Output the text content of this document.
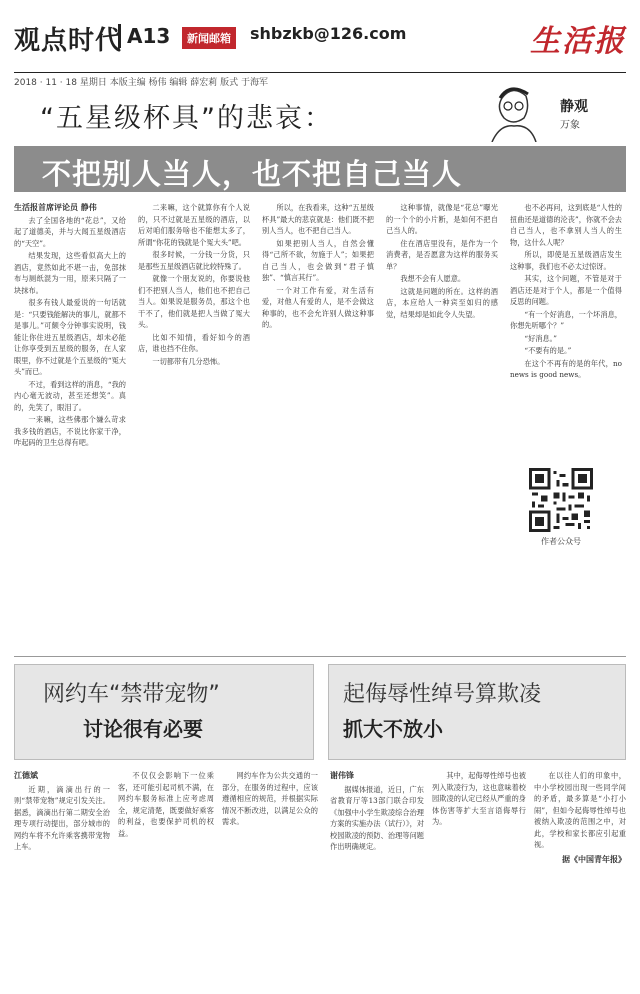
观点时代 A13	新闻邮箱	shbzkb@126.com	生活报
2018 · 11 · 18 星期日 本版主编 杨伟 编辑 薛宏莉 版式 于海军
静观
万象
“五星级杯具”的悲哀：
不把别人当人，也不把自己当人

生活报首席评论员 静伟

去了全国各地的“花总”，又给起了道德美，并与大闻五星级酒店的“天空”。

结果发现，这些看似高大上的酒店，竟然如此不堪一击，免部抹布与厕纸混为一用，原来只隔了一块抹布。

很多有钱人最爱说的一句话就是：“只要钱能解决的事儿，就都不是事儿。”可颇令分钟事实说明，钱能让你住进五星级酒店，却未必能让你享受到五星级的服务，在人家眼里，你不过就是个五星级的“冤大头”而已。

不过，看到这样的消息，“我的内心毫无波动，甚至还想笑”。真的，先笑了，眼泪了。

一来嘛，这些佛那个嫌么苛求我多钱的酒店，不说比你家干净，咋起码的卫生总得有吧。

二来嘛，这个就算你有个人说的，只不过就是五星级的酒店，以后对咱们服务啥也不能想太多了，所谓“你花的钱就是个冤大头”吧。

很多时候，一分钱一分货，只是那些五星级酒店就比较特殊了。

就像一个朋友说的，你要说他们不把别人当人，他们也不把自己当人。如果说是服务员，那这个也干不了，他们就是把人当做了冤大头。

比如不知情，看好如今的酒店，谁也挡不住你。

一切都带有几分恐怖。

所以，在我看来，这种“五星级杯具”最大的悲哀就是：他们既不把别人当人，也不把自己当人。

如果把别人当人，自然会懂得“己所不欲，勿施于人”；如果把自己当人，也会做到“君子慎独”、“慎言其行”。

一个对工作有爱，对生活有爱，对他人有爱的人，是不会做这种事的，也不会允许别人做这种事的。

这种事情，就像是“花总”曝光的一个个的小片断，是如何不把自己当人的。

住在酒店里没有，是作为一个消费者，是否愿意为这样的服务买单？

我想不会有人愿意。

这就是问题的所在。这样的酒店，本应给人一种宾至如归的感觉，结果却是如此令人失望。

也不必再问，这到底是“人性的扭曲还是道德的沦丧”，你就不会去自己当人，也不拿别人当人的生物，这什么人呢？

所以，即使是五星级酒店发生这种事，我们也不必太过惊讶。

其实，这个问题，不管是对于酒店还是对于个人，都是一个值得反思的问题。

“有一个好消息，一个坏消息，你想先听哪个？”

“好消息。”

“不要有的是。”

在这个不再有的是的年代，no news is good news。

作者公众号
网约车“禁带宠物”
讨论很有必要
起侮辱性绰号算欺凌
抓大不放小

江德斌

近期，滴滴出行的一则“禁带宠物”规定引发关注。据悉，滴滴出行第二期安全治理专项行动提出，部分城市的网约车将不允许乘客携带宠物上车。

不仅仅会影响下一位乘客，还可能引起司机不满，在网约车服务标准上应考虑周全，规定清楚，既要做好乘客的利益，也要保护司机的权益。

网约车作为公共交通的一部分，在服务的过程中，应该遵循相应的规范，并根据实际情况不断改进，以满足公众的需求。

谢伟锋

据媒体报道，近日，广东省教育厅等13部门联合印发《加强中小学生欺凌综合治理方案的实施办法（试行）》，对校园欺凌的预防、治理等问题作出明确规定。

其中，起侮辱性绰号也被列入欺凌行为，这也意味着校园欺凌的认定已经从严重的身体伤害等扩大至言语侮辱行为。

在以往人们的印象中，中小学校园出现一些同学间的矛盾，最多算是“小打小闹”，但如今起侮辱性绰号也被纳入欺凌的范围之中，对此，学校和家长都应引起重视。

据《中国青年报》
